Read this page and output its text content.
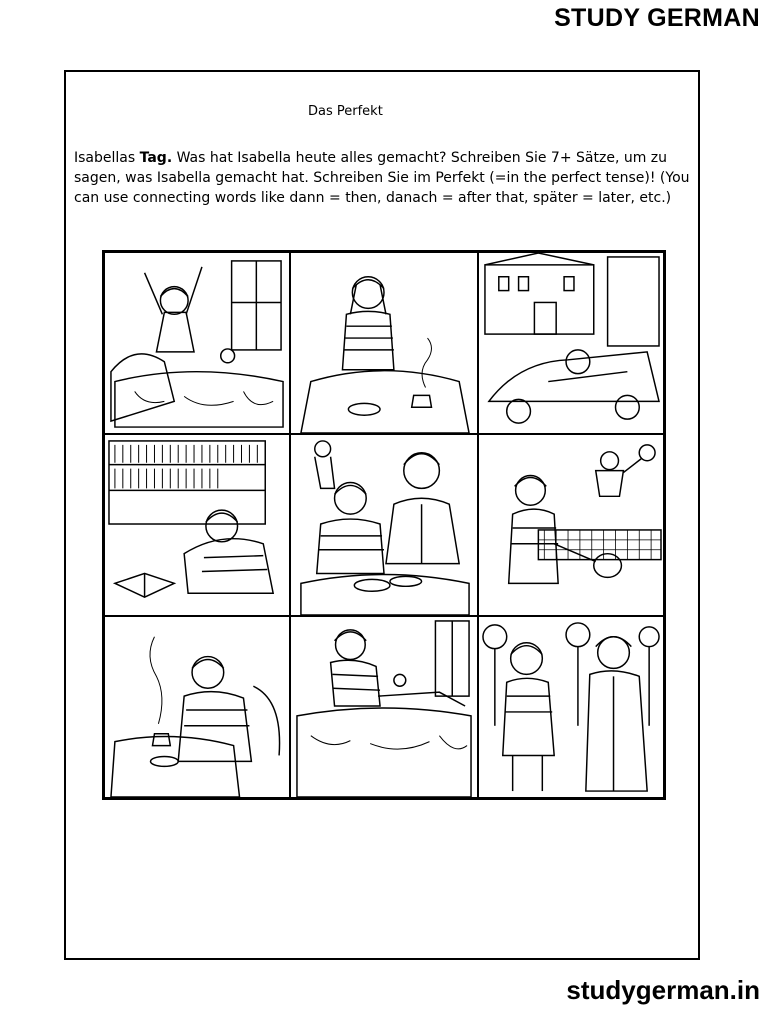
STUDY GERMAN
Das Perfekt
Isabellas Tag. Was hat Isabella heute alles gemacht? Schreiben Sie 7+ Sätze, um zu sagen, was Isabella gemacht hat. Schreiben Sie im Perfekt (=in the perfect tense)! (You can use connecting words like dann = then, danach = after that, später = later, etc.)
studygerman.in
